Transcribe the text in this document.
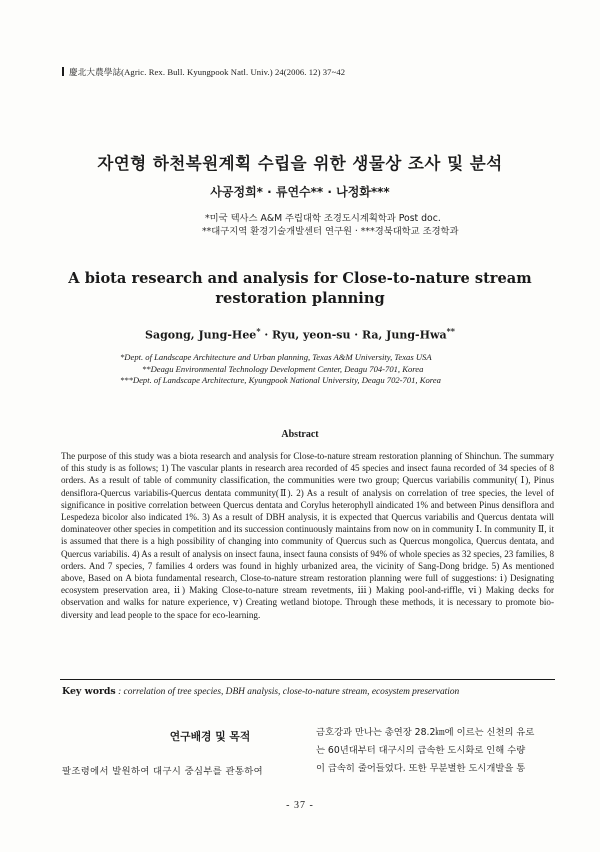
慶北大農學誌(Agric. Rex. Bull. Kyungpook Natl. Univ.) 24(2006. 12) 37~42
자연형 하천복원계획 수립을 위한 생물상 조사 및 분석
사공정희* · 류연수** · 나정화***
*미국 텍사스 A&M 주립대학 조경도시계획학과 Post doc.
**대구지역 환경기술개발센터 연구원 · ***경북대학교 조경학과
A biota research and analysis for Close-to-nature stream
restoration planning
Sagong, Jung-Hee* · Ryu, yeon-su · Ra, Jung-Hwa**
*Dept. of Landscape Architecture and Urban planning, Texas A&M University, Texas USA
**Deagu Environmental Technology Development Center, Deagu 704-701, Korea
***Dept. of Landscape Architecture, Kyungpook National University, Deagu 702-701, Korea
Abstract
The purpose of this study was a biota research and analysis for Close-to-nature stream restoration planning of Shinchun. The summary of this study is as follows; 1) The vascular plants in research area recorded of 45 species and insect fauna recorded of 34 species of 8 orders. As a result of table of community classification, the communities were two group; Quercus variabilis community( Ⅰ), Pinus densiflora-Quercus variabilis-Quercus dentata community(Ⅱ). 2) As a result of analysis on correlation of tree species, the level of significance in positive correlation between Quercus dentata and Corylus heterophyll aindicated 1% and between Pinus densiflora and Lespedeza bicolor also indicated 1%. 3) As a result of DBH analysis, it is expected that Quercus variabilis and Quercus dentata will dominateover other species in competition and its succession continuously maintains from now on in community Ⅰ. In community Ⅱ, it is assumed that there is a high possibility of changing into community of Quercus such as Quercus mongolica, Quercus dentata, and Quercus variabilis. 4) As a result of analysis on insect fauna, insect fauna consists of 94% of whole species as 32 species, 23 families, 8 orders. And 7 species, 7 families 4 orders was found in highly urbanized area, the vicinity of Sang-Dong bridge. 5) As mentioned above, Based on A biota fundamental research, Close-to-nature stream restoration planning were full of suggestions: ⅰ) Designating ecosystem preservation area, ⅱ) Making Close-to-nature stream revetments, ⅲ) Making pool-and-riffle, ⅵ) Making decks for observation and walks for nature experience, ⅴ) Creating wetland biotope. Through these methods, it is necessary to promote bio-diversity and lead people to the space for eco-learning.
Key words : correlation of tree species, DBH analysis, close-to-nature stream, ecosystem preservation
연구배경 및 목적
팔조령에서 발원하여 대구시 중심부를 관통하여
금호강과 만나는 총연장 28.2㎞에 이르는 신천의 유로
는 60년대부터 대구시의 급속한 도시화로 인해 수량
이 급속히 줄어들었다. 또한 무분별한 도시개발을 통
- 37 -
